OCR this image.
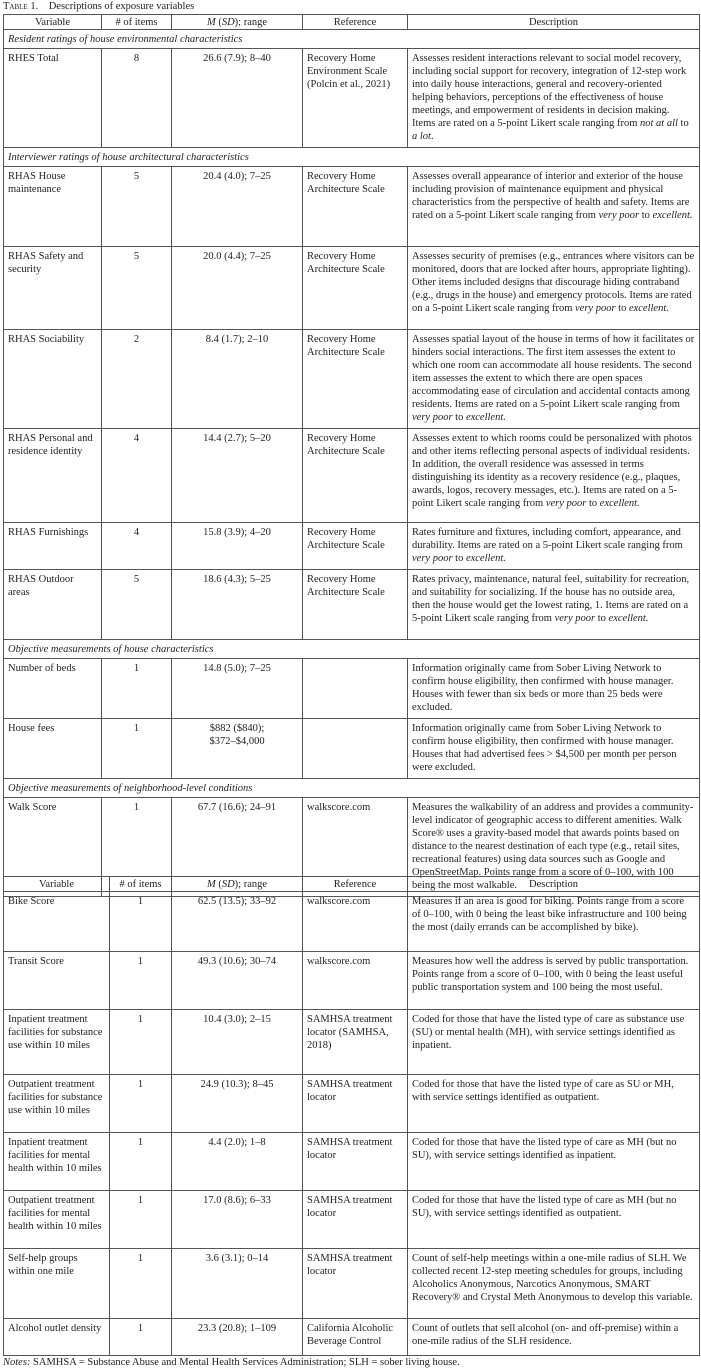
Table 1. Descriptions of exposure variables
Variable	# of items	M (SD); range	Reference	Description
Resident ratings of house environmental characteristics				

RHES Total	8	26.6 (7.9); 8–40	Recovery Home Environment Scale (Polcin et al., 2021)	Assesses resident interactions relevant to social model recovery, including social support for recovery, integration of 12-step work into daily house interactions, general and recovery-oriented helping behaviors, perceptions of the effectiveness of house meetings, and empowerment of residents in decision making. Items are rated on a 5-point Likert scale ranging from not at all to a lot.

Interviewer ratings of house architectural characteristics				

RHAS House maintenance	5	20.4 (4.0); 7–25	Recovery Home Architecture Scale	Assesses overall appearance of interior and exterior of the house including provision of maintenance equipment and physical characteristics from the perspective of health and safety. Items are rated on a 5-point Likert scale ranging from very poor to excellent.

RHAS Safety and security	5	20.0 (4.4); 7–25	Recovery Home Architecture Scale	Assesses security of premises (e.g., entrances where visitors can be monitored, doors that are locked after hours, appropriate lighting). Other items included designs that discourage hiding contraband (e.g., drugs in the house) and emergency protocols. Items are rated on a 5-point Likert scale ranging from very poor to excellent.

RHAS Sociability	2	8.4 (1.7); 2–10	Recovery Home Architecture Scale	Assesses spatial layout of the house in terms of how it facilitates or hinders social interactions. The first item assesses the extent to which one room can accommodate all house residents. The second item assesses the extent to which there are open spaces accommodating ease of circulation and accidental contacts among residents. Items are rated on a 5-point Likert scale ranging from very poor to excellent.

RHAS Personal and residence identity	4	14.4 (2.7); 5–20	Recovery Home Architecture Scale	Assesses extent to which rooms could be personalized with photos and other items reflecting personal aspects of individual residents. In addition, the overall residence was assessed in terms distinguishing its identity as a recovery residence (e.g., plaques, awards, logos, recovery messages, etc.). Items are rated on a 5-point Likert scale ranging from very poor to excellent.

RHAS Furnishings	4	15.8 (3.9); 4–20	Recovery Home Architecture Scale	Rates furniture and fixtures, including comfort, appearance, and durability. Items are rated on a 5-point Likert scale ranging from very poor to excellent.

RHAS Outdoor areas	5	18.6 (4.3); 5–25	Recovery Home Architecture Scale	Rates privacy, maintenance, natural feel, suitability for recreation, and suitability for socializing. If the house has no outside area, then the house would get the lowest rating, 1. Items are rated on a 5-point Likert scale ranging from very poor to excellent.

Objective measurements of house characteristics				

Number of beds	1	14.8 (5.0); 7–25		Information originally came from Sober Living Network to confirm house eligibility, then confirmed with house manager. Houses with fewer than six beds or more than 25 beds were excluded.

House fees	1	$882 ($840);
$372–$4,000		Information originally came from Sober Living Network to confirm house eligibility, then confirmed with house manager. Houses that had advertised fees > $4,500 per month per person were excluded.

Objective measurements of neighborhood-level conditions				

Walk Score	1	67.7 (16.6); 24–91	walkscore.com	Measures the walkability of an address and provides a community-level indicator of geographic access to different amenities. Walk Score® uses a gravity-based model that awards points based on distance to the nearest destination of each type (e.g., retail sites, recreational features) using data sources such as Google and OpenStreetMap. Points range from a score of 0–100, with 100 being the most walkable.
Variable	# of items	M (SD); range	Reference	Description

Bike Score	1	62.5 (13.5); 33–92	walkscore.com	Measures if an area is good for biking. Points range from a score of 0–100, with 0 being the least bike infrastructure and 100 being the most (daily errands can be accomplished by bike).

Transit Score	1	49.3 (10.6); 30–74	walkscore.com	Measures how well the address is served by public transportation. Points range from a score of 0–100, with 0 being the least useful public transportation system and 100 being the most useful.

Inpatient treatment facilities for substance use within 10 miles	1	10.4 (3.0); 2–15	SAMHSA treatment locator (SAMHSA, 2018)	Coded for those that have the listed type of care as substance use (SU) or mental health (MH), with service settings identified as inpatient.

Outpatient treatment facilities for substance use within 10 miles	1	24.9 (10.3); 8–45	SAMHSA treatment locator	Coded for those that have the listed type of care as SU or MH, with service settings identified as outpatient.

Inpatient treatment facilities for mental health within 10 miles	1	4.4 (2.0); 1–8	SAMHSA treatment locator	Coded for those that have the listed type of care as MH (but no SU), with service settings identified as inpatient.

Outpatient treatment facilities for mental health within 10 miles	1	17.0 (8.6); 6–33	SAMHSA treatment locator	Coded for those that have the listed type of care as MH (but no SU), with service settings identified as outpatient.

Self-help groups within one mile	1	3.6 (3.1); 0–14	SAMHSA treatment locator	Count of self-help meetings within a one-mile radius of SLH. We collected recent 12-step meeting schedules for groups, including Alcoholics Anonymous, Narcotics Anonymous, SMART Recovery® and Crystal Meth Anonymous to develop this variable.

Alcohol outlet density	1	23.3 (20.8); 1–109	California Alcoholic Beverage Control	Count of outlets that sell alcohol (on- and off-premise) within a one-mile radius of the SLH residence.
Notes: SAMHSA = Substance Abuse and Mental Health Services Administration; SLH = sober living house.
